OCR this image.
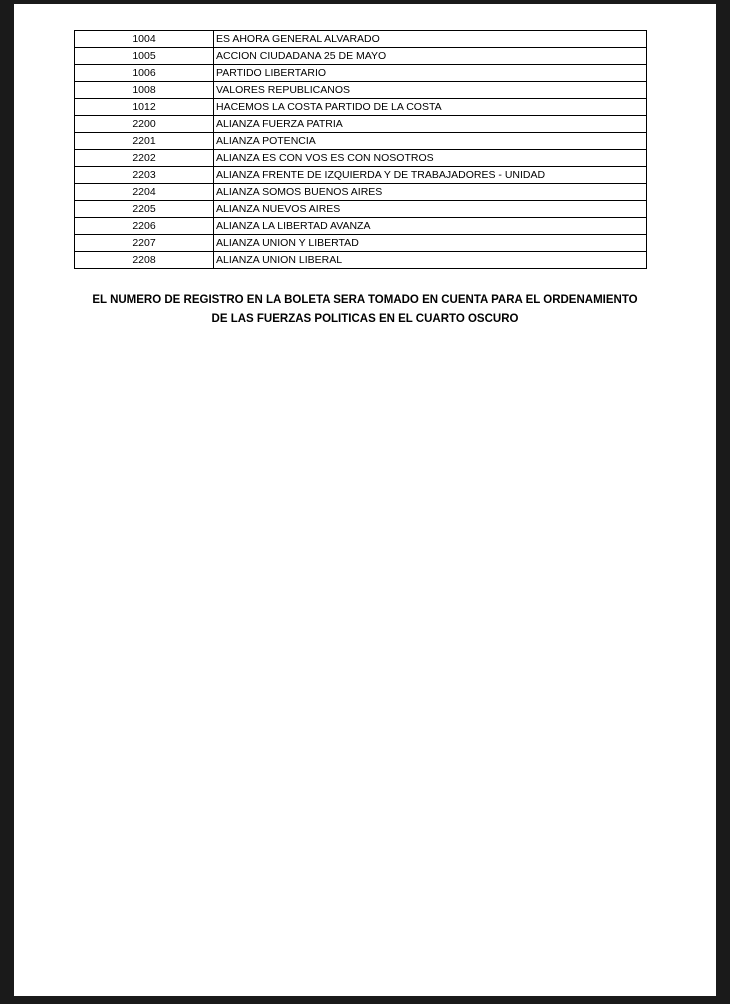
1004	ES AHORA GENERAL ALVARADO
1005	ACCION CIUDADANA 25 DE MAYO
1006	PARTIDO LIBERTARIO
1008	VALORES REPUBLICANOS
1012	HACEMOS LA COSTA PARTIDO DE LA COSTA
2200	ALIANZA FUERZA PATRIA
2201	ALIANZA POTENCIA
2202	ALIANZA ES CON VOS ES CON NOSOTROS
2203	ALIANZA FRENTE DE IZQUIERDA Y DE TRABAJADORES - UNIDAD
2204	ALIANZA SOMOS BUENOS AIRES
2205	ALIANZA NUEVOS AIRES
2206	ALIANZA LA LIBERTAD AVANZA
2207	ALIANZA UNION Y LIBERTAD
2208	ALIANZA UNION LIBERAL
EL NUMERO DE REGISTRO EN LA BOLETA SERA TOMADO EN CUENTA PARA EL ORDENAMIENTO
DE LAS FUERZAS POLITICAS EN EL CUARTO OSCURO
